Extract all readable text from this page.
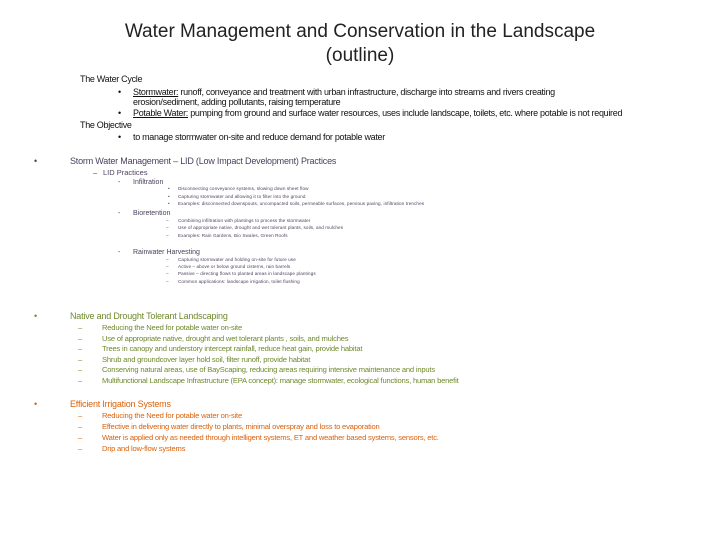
Water Management and Conservation in the Landscape
(outline)
The Water Cycle
• Stormwater: runoff, conveyance and treatment with urban infrastructure, discharge into streams and rivers creating
erosion/sediment, adding pollutants, raising temperature
• Potable Water: pumping from ground and surface water resources, uses include landscape, toilets, etc. where potable is not required
The Objective
• to manage stormwater on-site and reduce demand for potable water
•	Storm Water Management – LID (Low Impact Development) Practices
– LID Practices
- Infiltration
• Disconnecting conveyance systems, slowing down sheet flow
• Capturing stormwater and allowing it to filter into the ground
• Examples: disconnected downspouts, uncompacted soils, permeable surfaces, pervious paving, infiltration trenches
- Bioretention
– Combining infiltration with plantings to process the stormwater
– Use of appropriate native, drought and wet tolerant plants, soils, and mulches
– Examples: Rain Gardens, Bio Swales, Green Roofs
- Rainwater Harvesting
– Capturing stormwater and holding on-site for future use
– Active – above or below ground cisterns, rain barrels
– Passive – directing flows to planted areas in landscape plantings
– Common applications: landscape irrigation, toilet flushing
•	Native and Drought Tolerant Landscaping
–	Reducing the Need for potable water on-site
–	Use of appropriate native, drought and wet tolerant plants , soils, and mulches
–	Trees in canopy and understory intercept rainfall, reduce heat gain, provide habitat
–	Shrub and groundcover layer hold soil, filter runoff, provide habitat
–	Conserving natural areas, use of BayScaping, reducing areas requiring intensive maintenance and inputs
–	Multifunctional Landscape Infrastructure (EPA concept): manage stormwater, ecological functions, human benefit
•	Efficient Irrigation Systems
–	Reducing the Need for potable water on-site
–	Effective in delivering water directly to plants, minimal overspray and loss to evaporation
–	Water is applied only as needed through intelligent systems, ET and weather based systems, sensors, etc.
–	Drip and low-flow systems
